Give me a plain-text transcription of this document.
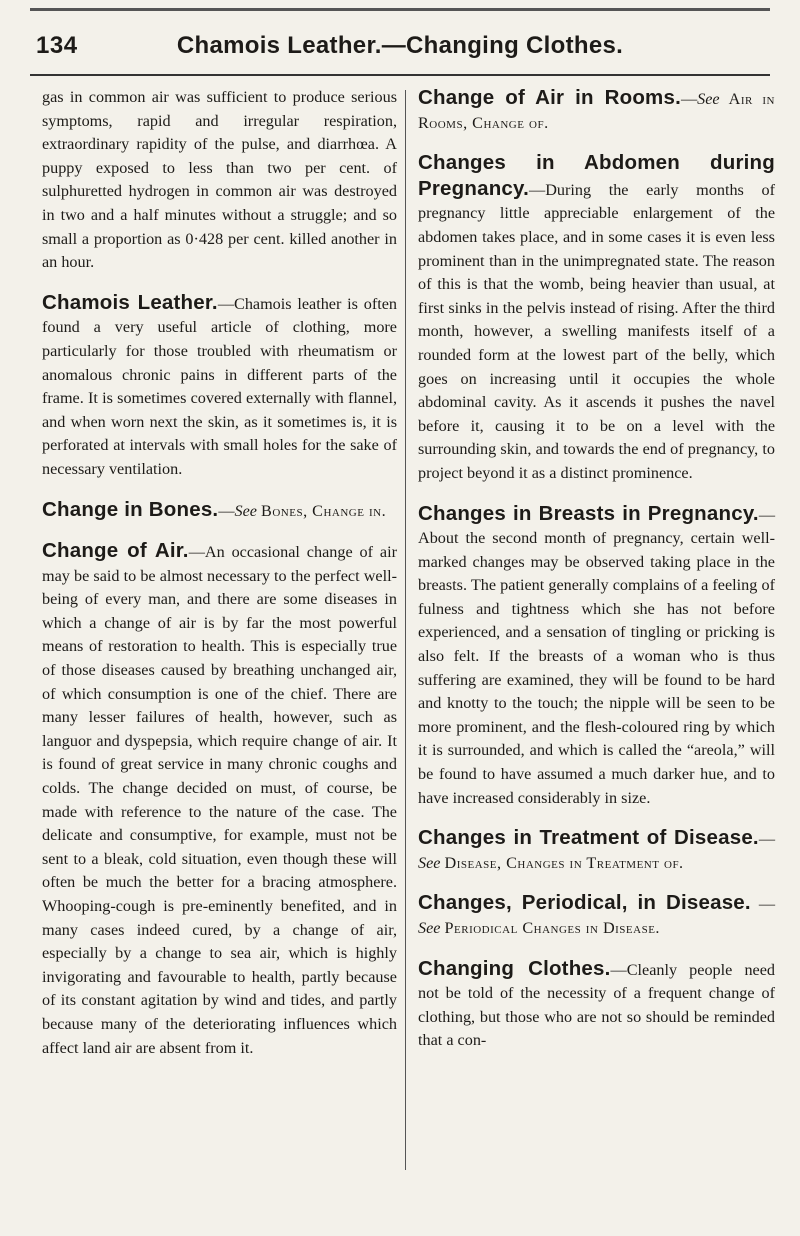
134	Chamois Leather.—Changing Clothes.

gas in common air was sufficient to produce serious symptoms, rapid and irregular respiration, extraordinary rapidity of the pulse, and diarrhœa. A puppy exposed to less than two per cent. of sulphuretted hydrogen in common air was destroyed in two and a half minutes without a struggle; and so small a proportion as 0·428 per cent. killed another in an hour.

Chamois Leather.—Chamois leather is often found a very useful article of clothing, more particularly for those troubled with rheumatism or anomalous chronic pains in different parts of the frame. It is sometimes covered externally with flannel, and when worn next the skin, as it sometimes is, it is perforated at intervals with small holes for the sake of necessary ventilation.

Change in Bones.—See Bones, Change in.

Change of Air.—An occasional change of air may be said to be almost necessary to the perfect well-being of every man, and there are some diseases in which a change of air is by far the most powerful means of restoration to health. This is especially true of those diseases caused by breathing unchanged air, of which consumption is one of the chief. There are many lesser failures of health, however, such as languor and dyspepsia, which require change of air. It is found of great service in many chronic coughs and colds. The change decided on must, of course, be made with reference to the nature of the case. The delicate and consumptive, for example, must not be sent to a bleak, cold situation, even though these will often be much the better for a bracing atmosphere. Whooping-cough is pre-eminently benefited, and in many cases indeed cured, by a change of air, especially by a change to sea air, which is highly invigorating and favourable to health, partly because of its constant agitation by wind and tides, and partly because many of the deteriorating influences which affect land air are absent from it.

Change of Air in Rooms.—See Air in Rooms, Change of.

Changes in Abdomen during Pregnancy.—During the early months of pregnancy little appreciable enlargement of the abdomen takes place, and in some cases it is even less prominent than in the unimpregnated state. The reason of this is that the womb, being heavier than usual, at first sinks in the pelvis instead of rising. After the third month, however, a swelling manifests itself of a rounded form at the lowest part of the belly, which goes on increasing until it occupies the whole abdominal cavity. As it ascends it pushes the navel before it, causing it to be on a level with the surrounding skin, and towards the end of pregnancy, to project beyond it as a distinct prominence.

Changes in Breasts in Pregnancy.—About the second month of pregnancy, certain well-marked changes may be observed taking place in the breasts. The patient generally complains of a feeling of fulness and tightness which she has not before experienced, and a sensation of tingling or pricking is also felt. If the breasts of a woman who is thus suffering are examined, they will be found to be hard and knotty to the touch; the nipple will be seen to be more prominent, and the flesh-coloured ring by which it is surrounded, and which is called the “areola,” will be found to have assumed a much darker hue, and to have increased considerably in size.

Changes in Treatment of Disease.—See Disease, Changes in Treatment of.

Changes, Periodical, in Disease. — See Periodical Changes in Disease.

Changing Clothes.—Cleanly people need not be told of the necessity of a frequent change of clothing, but those who are not so should be reminded that a con-
